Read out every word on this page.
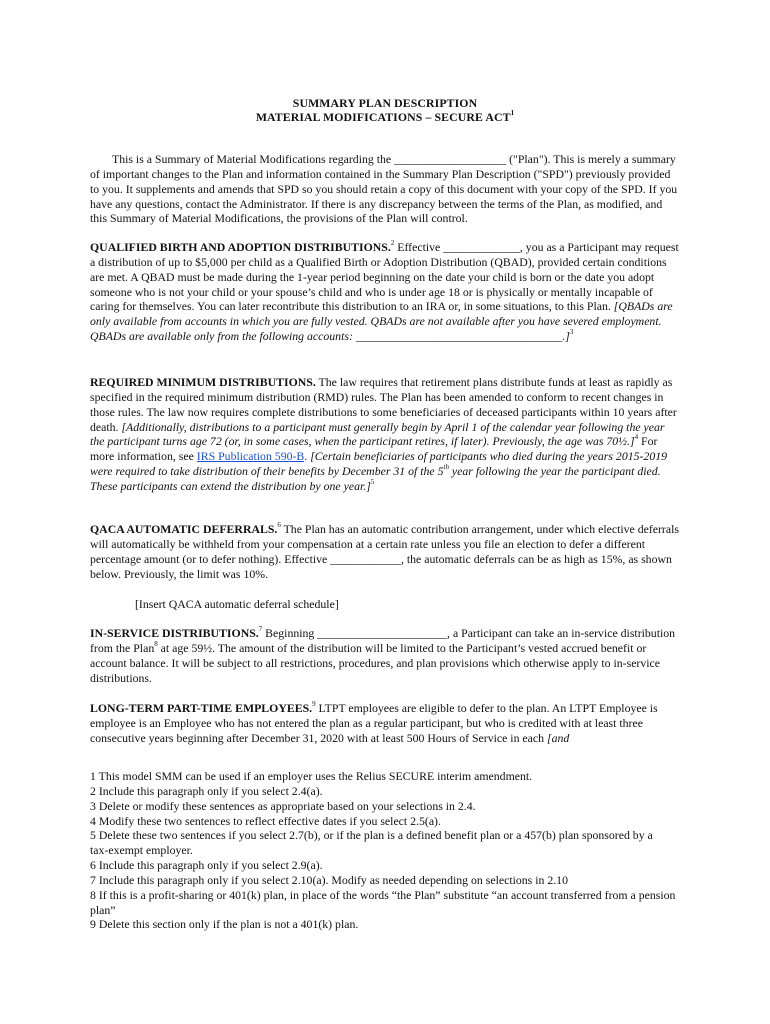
SUMMARY PLAN DESCRIPTION
MATERIAL MODIFICATIONS – SECURE ACT$^1$
This is a Summary of Material Modifications regarding the ___________________ ("Plan"). This is merely a summary of important changes to the Plan and information contained in the Summary Plan Description ("SPD") previously provided to you. It supplements and amends that SPD so you should retain a copy of this document with your copy of the SPD. If you have any questions, contact the Administrator. If there is any discrepancy between the terms of the Plan, as modified, and this Summary of Material Modifications, the provisions of the Plan will control.
QUALIFIED BIRTH AND ADOPTION DISTRIBUTIONS.$^2$ Effective _____________, you as a Participant may request a distribution of up to $5,000 per child as a Qualified Birth or Adoption Distribution (QBAD), provided certain conditions are met. A QBAD must be made during the 1-year period beginning on the date your child is born or the date you adopt someone who is not your child or your spouse’s child and who is under age 18 or is physically or mentally incapable of caring for themselves. You can later recontribute this distribution to an IRA or, in some situations, to this Plan. [QBADs are only available from accounts in which you are fully vested. QBADs are not available after you have severed employment. QBADs are available only from the following accounts: ___________________________________.]$^3$
REQUIRED MINIMUM DISTRIBUTIONS. The law requires that retirement plans distribute funds at least as rapidly as specified in the required minimum distribution (RMD) rules. The Plan has been amended to conform to recent changes in those rules. The law now requires complete distributions to some beneficiaries of deceased participants within 10 years after death. [Additionally, distributions to a participant must generally begin by April 1 of the calendar year following the year the participant turns age 72 (or, in some cases, when the participant retires, if later). Previously, the age was 70½.]$^4$ For more information, see IRS Publication 590-B. [Certain beneficiaries of participants who died during the years 2015-2019 were required to take distribution of their benefits by December 31 of the 5th year following the year the participant died. These participants can extend the distribution by one year.]$^5$
QACA AUTOMATIC DEFERRALS.$^6$ The Plan has an automatic contribution arrangement, under which elective deferrals will automatically be withheld from your compensation at a certain rate unless you file an election to defer a different percentage amount (or to defer nothing). Effective ____________, the automatic deferrals can be as high as 15%, as shown below. Previously, the limit was 10%.
[Insert QACA automatic deferral schedule]
IN-SERVICE DISTRIBUTIONS.$^7$ Beginning ______________________, a Participant can take an in-service distribution from the Plan$^8$ at age 59½. The amount of the distribution will be limited to the Participant’s vested accrued benefit or account balance. It will be subject to all restrictions, procedures, and plan provisions which otherwise apply to in-service distributions.
LONG-TERM PART-TIME EMPLOYEES.$^9$ LTPT employees are eligible to defer to the plan. An LTPT Employee is employee is an Employee who has not entered the plan as a regular participant, but who is credited with at least three consecutive years beginning after December 31, 2020 with at least 500 Hours of Service in each [and
1 This model SMM can be used if an employer uses the Relius SECURE interim amendment.
2 Include this paragraph only if you select 2.4(a).
3 Delete or modify these sentences as appropriate based on your selections in 2.4.
4 Modify these two sentences to reflect effective dates if you select 2.5(a).
5 Delete these two sentences if you select 2.7(b), or if the plan is a defined benefit plan or a 457(b) plan sponsored by a tax-exempt employer.
6 Include this paragraph only if you select 2.9(a).
7 Include this paragraph only if you select 2.10(a). Modify as needed depending on selections in 2.10
8 If this is a profit-sharing or 401(k) plan, in place of the words “the Plan” substitute “an account transferred from a pension plan”
9 Delete this section only if the plan is not a 401(k) plan.
